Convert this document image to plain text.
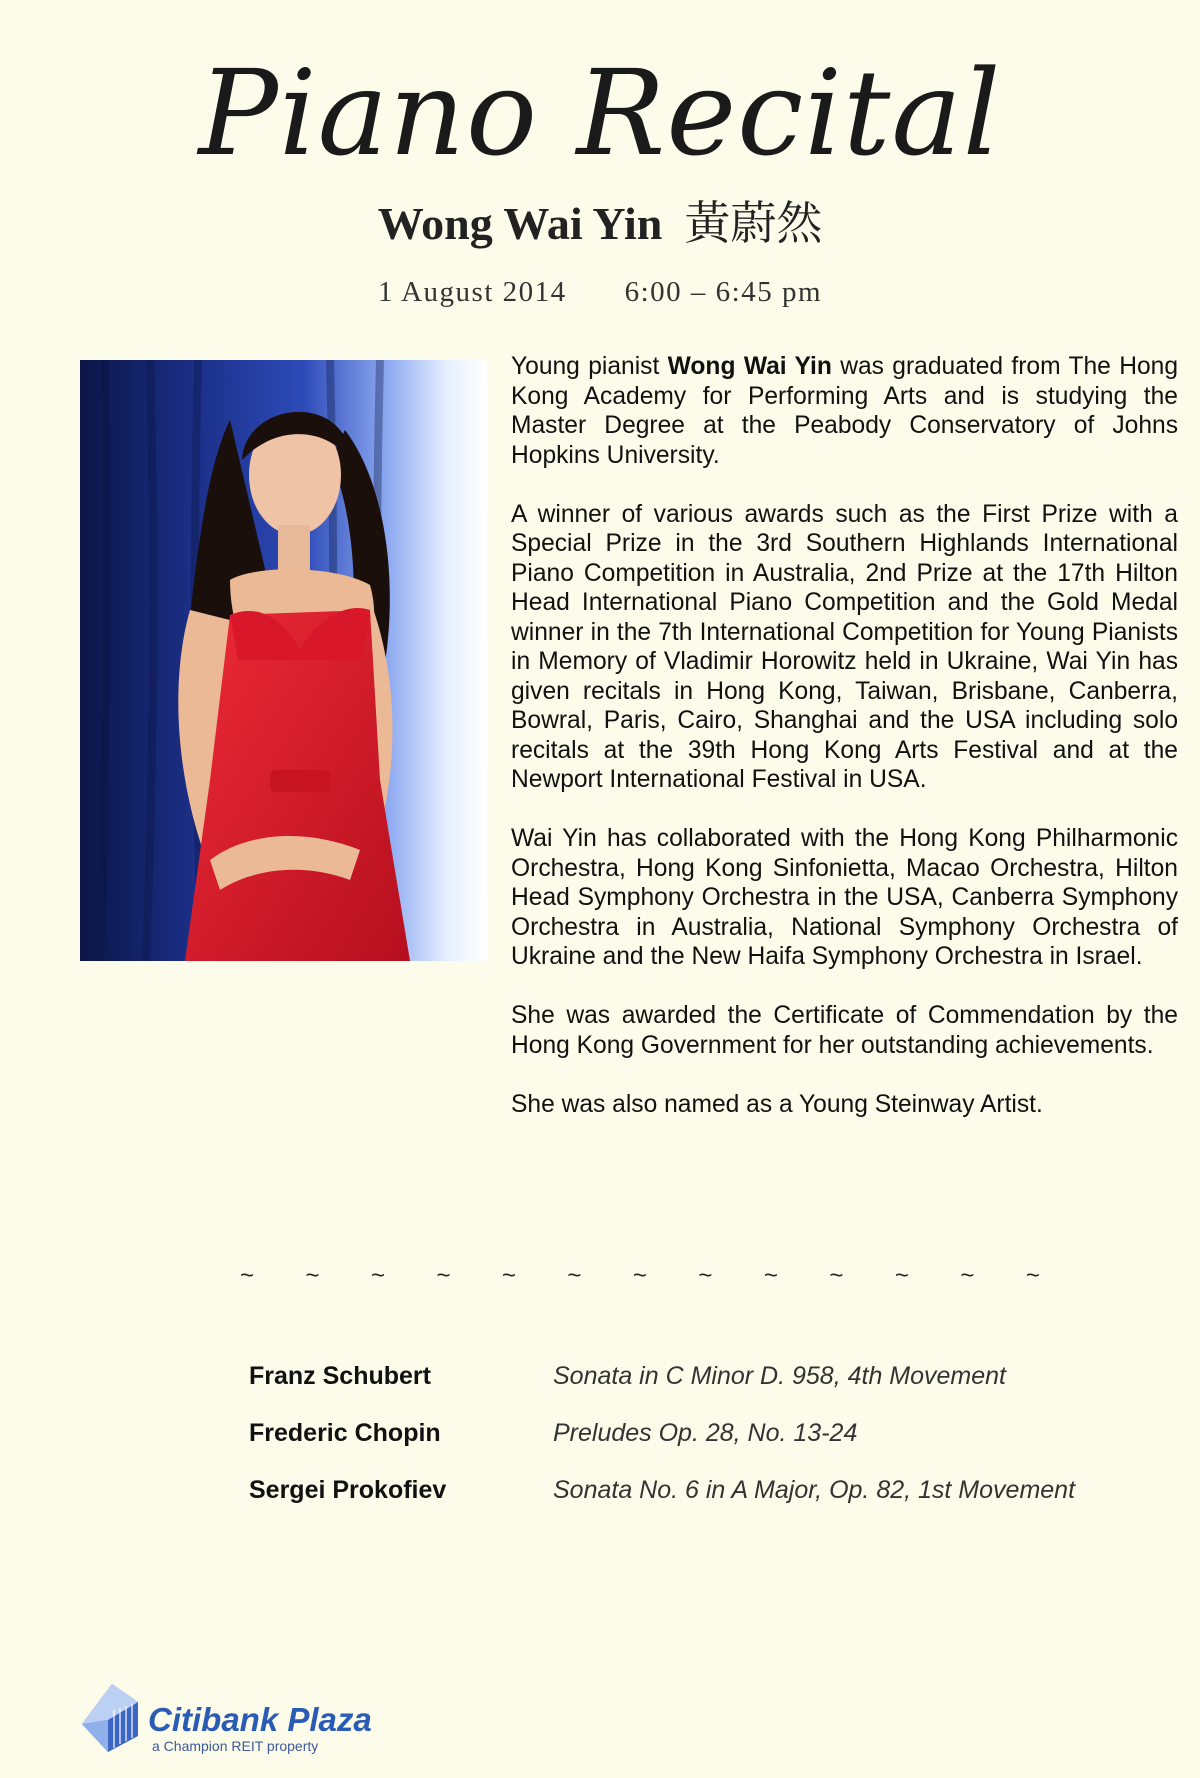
Piano Recital
Wong Wai Yin 黃蔚然
1 August 2014 6:00 – 6:45 pm

Young pianist Wong Wai Yin was graduated from The Hong Kong Academy for Performing Arts and is studying the Master Degree at the Peabody Conservatory of Johns Hopkins University.

A winner of various awards such as the First Prize with a Special Prize in the 3rd Southern Highlands International Piano Competition in Australia, 2nd Prize at the 17th Hilton Head International Piano Competition and the Gold Medal winner in the 7th International Competition for Young Pianists in Memory of Vladimir Horowitz held in Ukraine, Wai Yin has given recitals in Hong Kong, Taiwan, Brisbane, Canberra, Bowral, Paris, Cairo, Shanghai and the USA including solo recitals at the 39th Hong Kong Arts Festival and at the Newport International Festival in USA.

Wai Yin has collaborated with the Hong Kong Philharmonic Orchestra, Hong Kong Sinfonietta, Macao Orchestra, Hilton Head Symphony Orchestra in the USA, Canberra Symphony Orchestra in Australia, National Symphony Orchestra of Ukraine and the New Haifa Symphony Orchestra in Israel.

She was awarded the Certificate of Commendation by the Hong Kong Government for her outstanding achievements.

She was also named as a Young Steinway Artist.

~ ~ ~ ~ ~ ~ ~ ~ ~ ~ ~ ~ ~
Franz Schubert	Sonata in C Minor D. 958, 4th Movement
Frederic Chopin	Preludes Op. 28, No. 13-24
Sergei Prokofiev	Sonata No. 6 in A Major, Op. 82, 1st Movement
Citibank Plaza
a Champion REIT property
